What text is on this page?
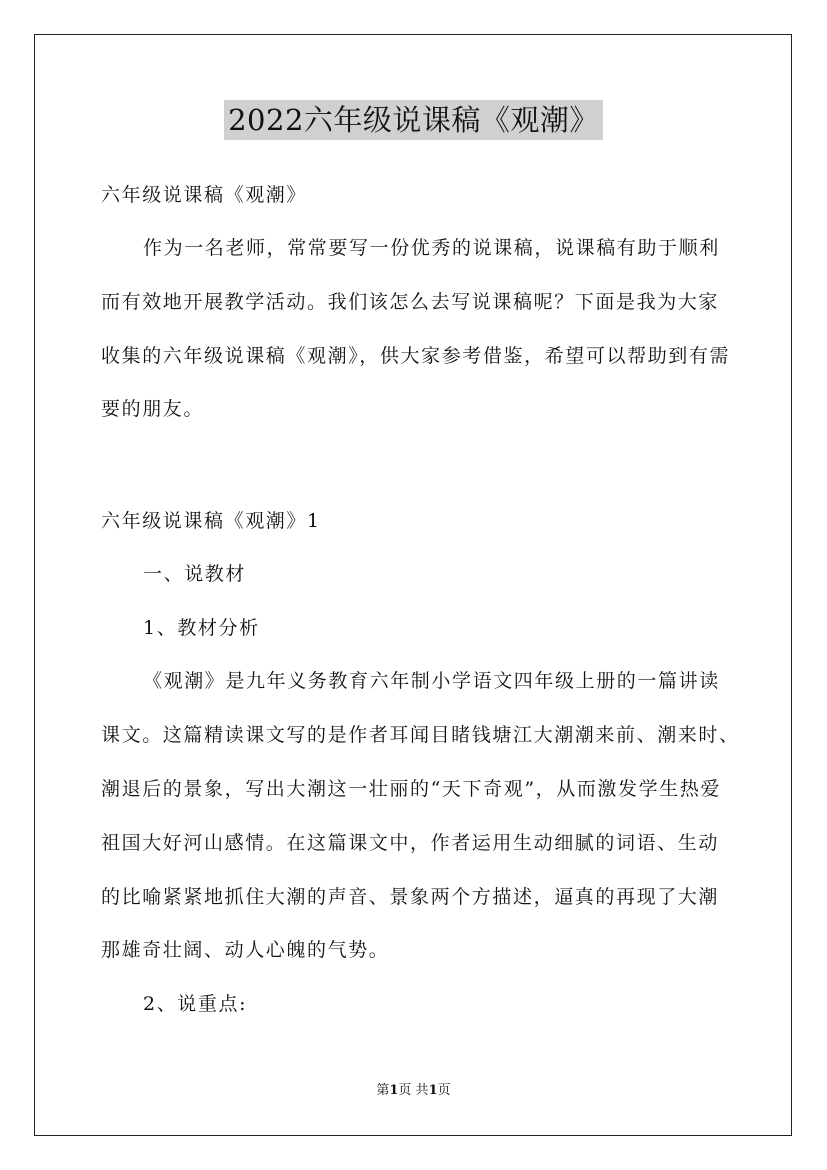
2022六年级说课稿《观潮》
六年级说课稿《观潮》
作为一名老师，常常要写一份优秀的说课稿，说课稿有助于顺利
而有效地开展教学活动。我们该怎么去写说课稿呢？下面是我为大家
收集的六年级说课稿《观潮》，供大家参考借鉴，希望可以帮助到有需
要的朋友。
六年级说课稿《观潮》1
一、说教材
1、教材分析
《观潮》是九年义务教育六年制小学语文四年级上册的一篇讲读
课文。这篇精读课文写的是作者耳闻目睹钱塘江大潮潮来前、潮来时、
潮退后的景象，写出大潮这一壮丽的“天下奇观”，从而激发学生热爱
祖国大好河山感情。在这篇课文中，作者运用生动细腻的词语、生动
的比喻紧紧地抓住大潮的声音、景象两个方描述，逼真的再现了大潮
那雄奇壮阔、动人心魄的气势。
2、说重点:
第1页 共1页
